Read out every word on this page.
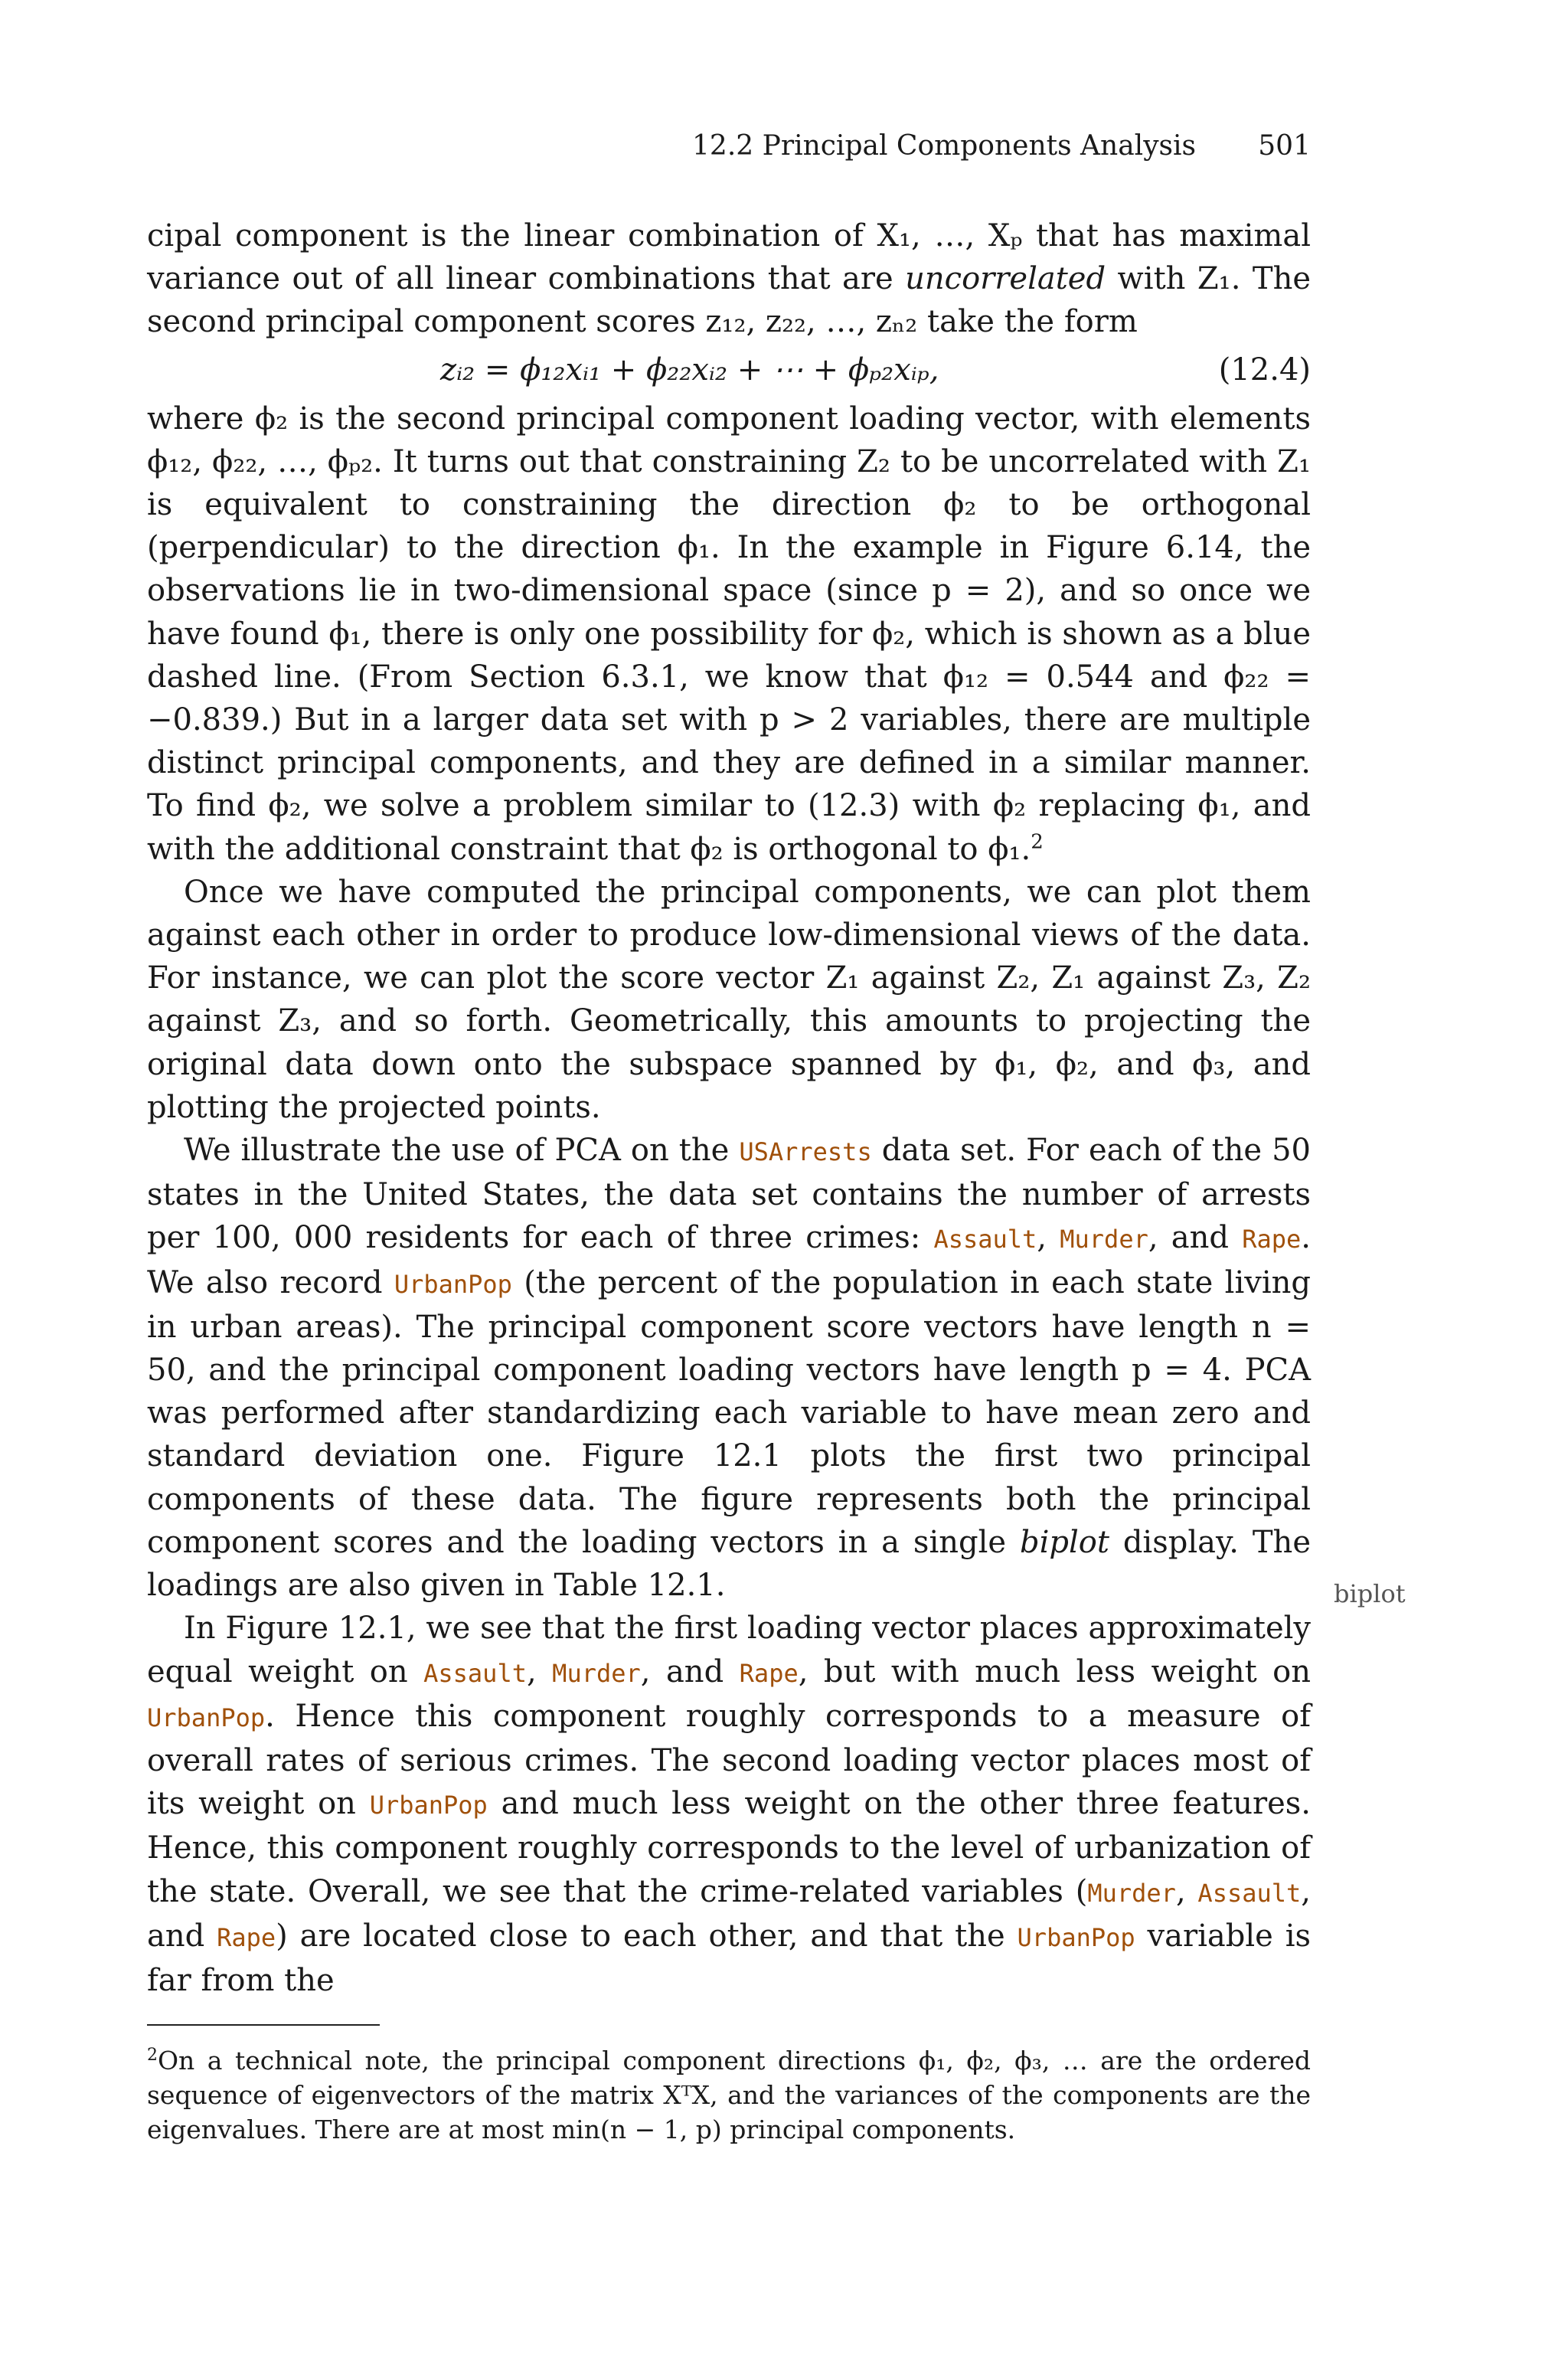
12.2 Principal Components Analysis 501

cipal component is the linear combination of X₁, …, Xₚ that has maximal variance out of all linear combinations that are uncorrelated with Z₁. The second principal component scores z₁₂, z₂₂, …, zₙ₂ take the form

zᵢ₂ = ϕ₁₂xᵢ₁ + ϕ₂₂xᵢ₂ + ⋯ + ϕₚ₂xᵢₚ,	(12.4)

where ϕ₂ is the second principal component loading vector, with elements ϕ₁₂, ϕ₂₂, …, ϕₚ₂. It turns out that constraining Z₂ to be uncorrelated with Z₁ is equivalent to constraining the direction ϕ₂ to be orthogonal (perpendicular) to the direction ϕ₁. In the example in Figure 6.14, the observations lie in two-dimensional space (since p = 2), and so once we have found ϕ₁, there is only one possibility for ϕ₂, which is shown as a blue dashed line. (From Section 6.3.1, we know that ϕ₁₂ = 0.544 and ϕ₂₂ = −0.839.) But in a larger data set with p > 2 variables, there are multiple distinct principal components, and they are defined in a similar manner. To find ϕ₂, we solve a problem similar to (12.3) with ϕ₂ replacing ϕ₁, and with the additional constraint that ϕ₂ is orthogonal to ϕ₁.$^2$

Once we have computed the principal components, we can plot them against each other in order to produce low-dimensional views of the data. For instance, we can plot the score vector Z₁ against Z₂, Z₁ against Z₃, Z₂ against Z₃, and so forth. Geometrically, this amounts to projecting the original data down onto the subspace spanned by ϕ₁, ϕ₂, and ϕ₃, and plotting the projected points.

We illustrate the use of PCA on the USArrests data set. For each of the 50 states in the United States, the data set contains the number of arrests per 100, 000 residents for each of three crimes: Assault, Murder, and Rape. We also record UrbanPop (the percent of the population in each state living in urban areas). The principal component score vectors have length n = 50, and the principal component loading vectors have length p = 4. PCA was performed after standardizing each variable to have mean zero and standard deviation one. Figure 12.1 plots the first two principal components of these data. The figure represents both the principal component scores and the loading vectors in a single biplot display. The loadings are also given in Table 12.1.

In Figure 12.1, we see that the first loading vector places approximately equal weight on Assault, Murder, and Rape, but with much less weight on UrbanPop. Hence this component roughly corresponds to a measure of overall rates of serious crimes. The second loading vector places most of its weight on UrbanPop and much less weight on the other three features. Hence, this component roughly corresponds to the level of urbanization of the state. Overall, we see that the crime-related variables (Murder, Assault, and Rape) are located close to each other, and that the UrbanPop variable is far from the

biplot
$^2$On a technical note, the principal component directions ϕ₁, ϕ₂, ϕ₃, … are the ordered sequence of eigenvectors of the matrix XᵀX, and the variances of the components are the eigenvalues. There are at most min(n − 1, p) principal components.
